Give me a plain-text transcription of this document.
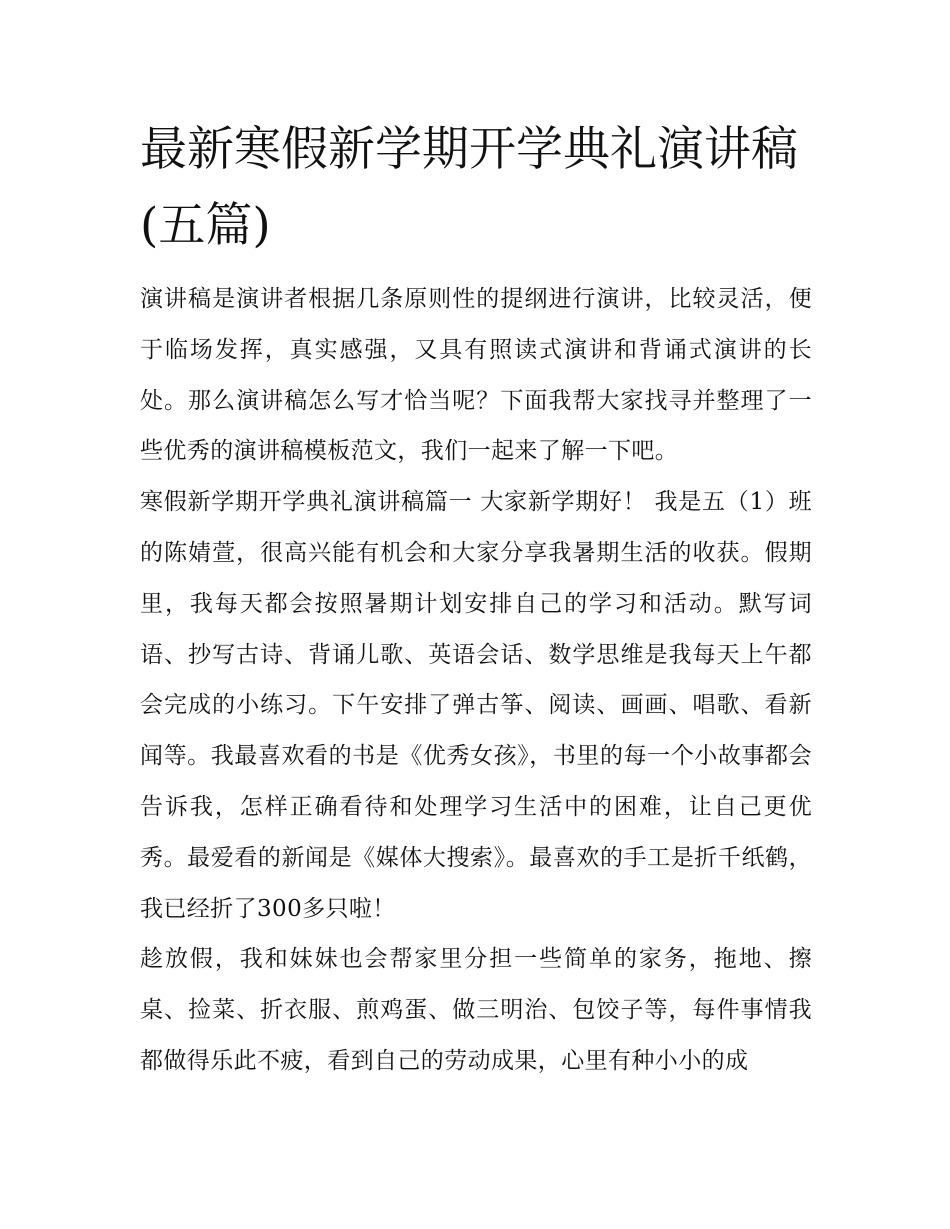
最新寒假新学期开学典礼演讲稿(五篇)

演讲稿是演讲者根据几条原则性的提纲进行演讲，比较灵活，便于临场发挥，真实感强，又具有照读式演讲和背诵式演讲的长处。那么演讲稿怎么写才恰当呢？下面我帮大家找寻并整理了一些优秀的演讲稿模板范文，我们一起来了解一下吧。

寒假新学期开学典礼演讲稿篇一 大家新学期好！ 我是五（1）班的陈婧萱，很高兴能有机会和大家分享我暑期生活的收获。假期里，我每天都会按照暑期计划安排自己的学习和活动。默写词语、抄写古诗、背诵儿歌、英语会话、数学思维是我每天上午都会完成的小练习。下午安排了弹古筝、阅读、画画、唱歌、看新闻等。我最喜欢看的书是《优秀女孩》，书里的每一个小故事都会告诉我，怎样正确看待和处理学习生活中的困难，让自己更优秀。最爱看的新闻是《媒体大搜索》。最喜欢的手工是折千纸鹤，我已经折了300多只啦！

趁放假，我和妹妹也会帮家里分担一些简单的家务，拖地、擦桌、捡菜、折衣服、煎鸡蛋、做三明治、包饺子等，每件事情我都做得乐此不疲，看到自己的劳动成果，心里有种小小的成
